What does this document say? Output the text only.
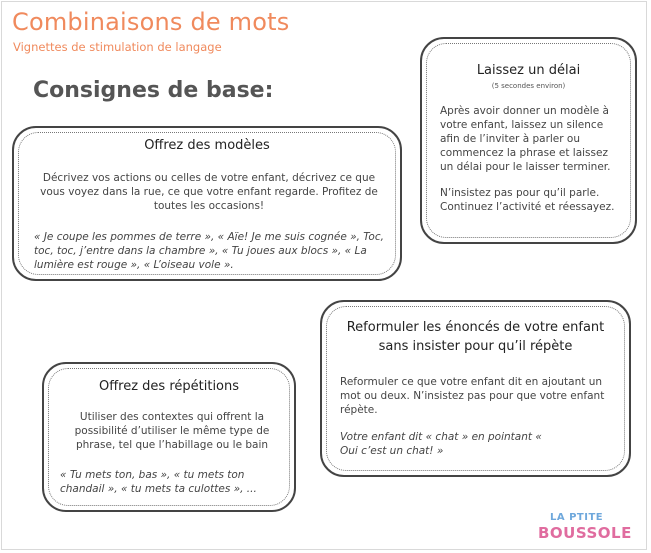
Combinaisons de mots
Vignettes de stimulation de langage
Consignes de base:
Laissez un délai
(5 secondes environ)
Après avoir donner un modèle à votre enfant, laissez un silence afin de l’inviter à parler ou commencez la phrase et laissez un délai pour le laisser terminer.
N’insistez pas pour qu’il parle. Continuez l’activité et réessayez.
Offrez des modèles
Décrivez vos actions ou celles de votre enfant, décrivez ce que vous voyez dans la rue, ce que votre enfant regarde. Profitez de toutes les occasions!
« Je coupe les pommes de terre », « Aïe! Je me suis cognée », Toc, toc, toc, j’entre dans la chambre », « Tu joues aux blocs », « La lumière est rouge », « L’oiseau vole ».
Reformuler les énoncés de votre enfant sans insister pour qu’il répète
Reformuler ce que votre enfant dit en ajoutant un mot ou deux. N’insistez pas pour que votre enfant répète.
Votre enfant dit « chat » en pointant « Oui c’est un chat! »
Offrez des répétitions
Utiliser des contextes qui offrent la possibilité d’utiliser le même type de phrase, tel que l’habillage ou le bain
« Tu mets ton, bas », « tu mets ton chandail », « tu mets ta culottes », ...
LA PTITE
BOUSSOLE
